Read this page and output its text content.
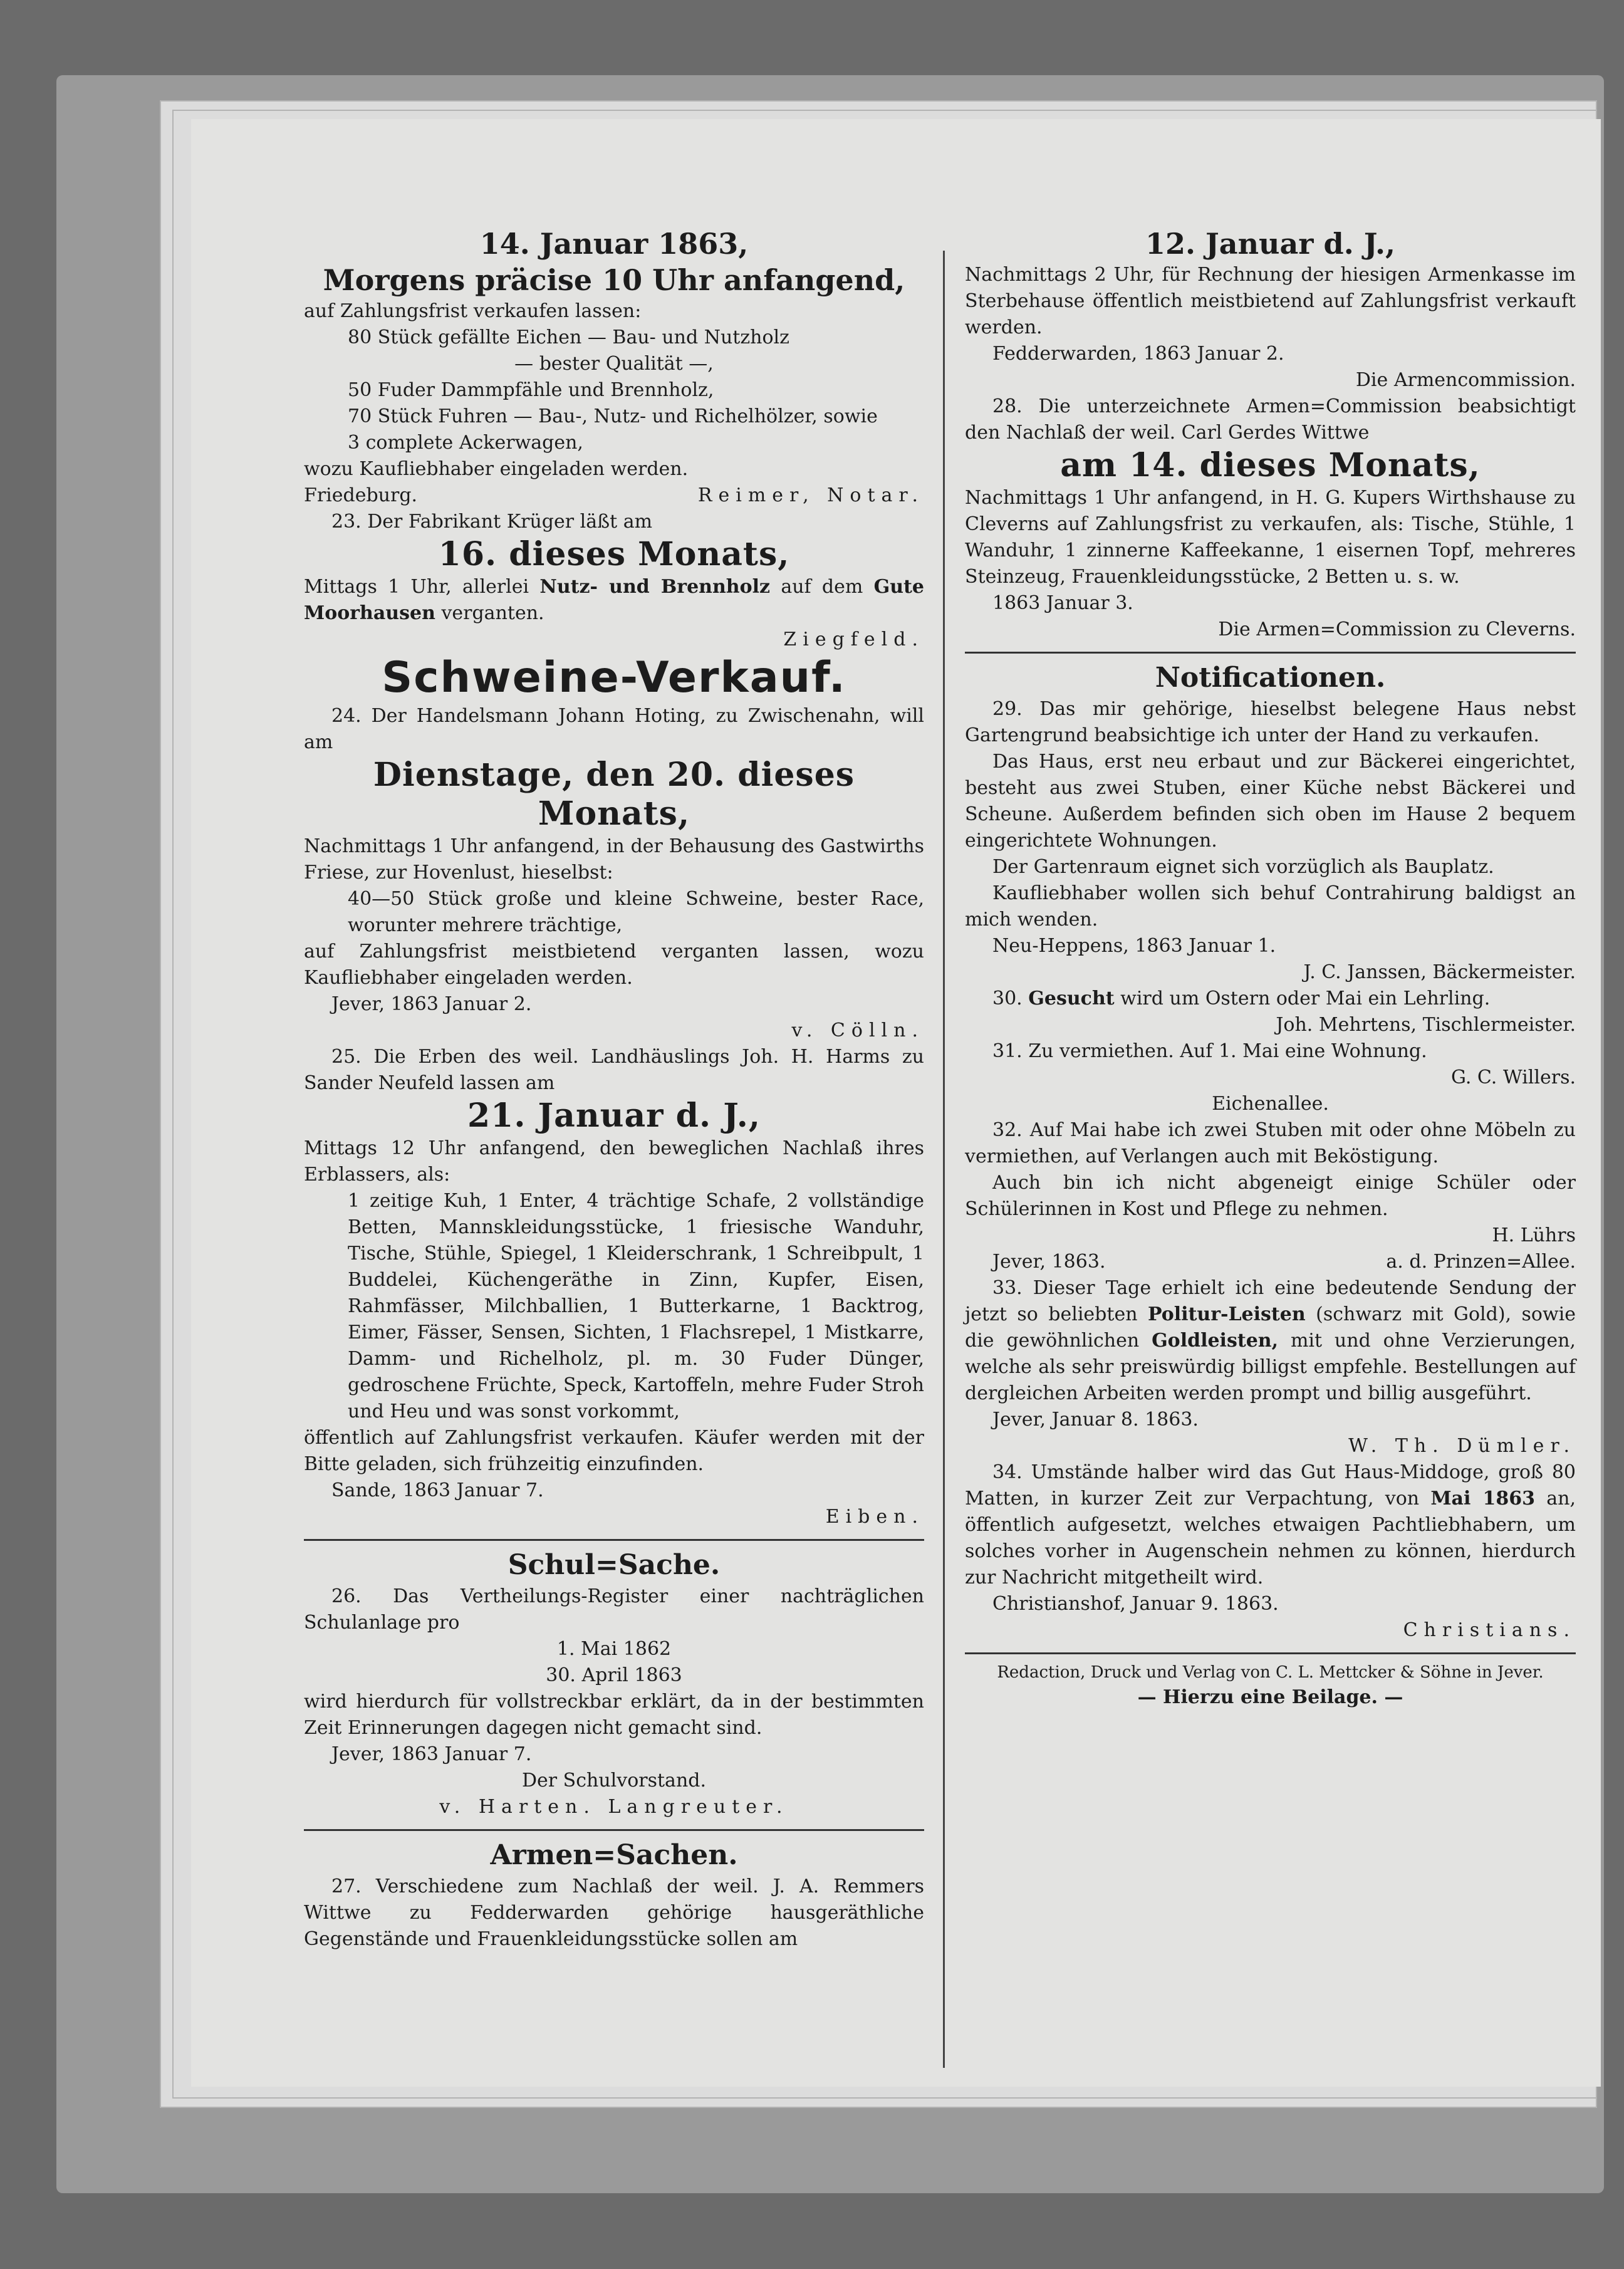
14. Januar 1863,

Morgens präcise 10 Uhr anfangend,

auf Zahlungsfrist verkaufen lassen:

80 Stück gefällte Eichen — Bau- und Nutzholz

— bester Qualität —,

50 Fuder Dammpfähle und Brennholz,

70 Stück Fuhren — Bau-, Nutz- und Richelhölzer, sowie

3 complete Ackerwagen,

wozu Kaufliebhaber eingeladen werden.

Friedeburg.	Reimer, Notar.

23. Der Fabrikant Krüger läßt am

16. dieses Monats,

Mittags 1 Uhr, allerlei Nutz- und Brennholz auf dem Gute Moorhausen verganten.

Ziegfeld.

Schweine-Verkauf.

24. Der Handelsmann Johann Hoting, zu Zwischenahn, will am

Dienstage, den 20. dieses Monats,

Nachmittags 1 Uhr anfangend, in der Behausung des Gastwirths Friese, zur Hovenlust, hieselbst:

40—50 Stück große und kleine Schweine, bester Race, worunter mehrere trächtige,

auf Zahlungsfrist meistbietend verganten lassen, wozu Kaufliebhaber eingeladen werden.

Jever, 1863 Januar 2.

v. Cölln.

25. Die Erben des weil. Landhäuslings Joh. H. Harms zu Sander Neufeld lassen am

21. Januar d. J.,

Mittags 12 Uhr anfangend, den beweglichen Nachlaß ihres Erblassers, als:

1 zeitige Kuh, 1 Enter, 4 trächtige Schafe, 2 vollständige Betten, Mannskleidungsstücke, 1 friesische Wanduhr, Tische, Stühle, Spiegel, 1 Kleiderschrank, 1 Schreibpult, 1 Buddelei, Küchengeräthe in Zinn, Kupfer, Eisen, Rahmfässer, Milchballien, 1 Butterkarne, 1 Backtrog, Eimer, Fässer, Sensen, Sichten, 1 Flachsrepel, 1 Mistkarre, Damm- und Richelholz, pl. m. 30 Fuder Dünger, gedroschene Früchte, Speck, Kartoffeln, mehre Fuder Stroh und Heu und was sonst vorkommt,

öffentlich auf Zahlungsfrist verkaufen. Käufer werden mit der Bitte geladen, sich frühzeitig einzufinden.

Sande, 1863 Januar 7.

Eiben.

Schul=Sache.

26. Das Vertheilungs-Register einer nachträglichen Schulanlage pro

1. Mai 1862

30. April 1863

wird hierdurch für vollstreckbar erklärt, da in der bestimmten Zeit Erinnerungen dagegen nicht gemacht sind.

Jever, 1863 Januar 7.

Der Schulvorstand.

v. Harten. Langreuter.

Armen=Sachen.

27. Verschiedene zum Nachlaß der weil. J. A. Remmers Wittwe zu Fedderwarden gehörige hausgeräthliche Gegenstände und Frauenkleidungsstücke sollen am

12. Januar d. J.,

Nachmittags 2 Uhr, für Rechnung der hiesigen Armenkasse im Sterbehause öffentlich meistbietend auf Zahlungsfrist verkauft werden.

Fedderwarden, 1863 Januar 2.

Die Armencommission.

28. Die unterzeichnete Armen=Commission beabsichtigt den Nachlaß der weil. Carl Gerdes Wittwe

am 14. dieses Monats,

Nachmittags 1 Uhr anfangend, in H. G. Kupers Wirthshause zu Cleverns auf Zahlungsfrist zu verkaufen, als: Tische, Stühle, 1 Wanduhr, 1 zinnerne Kaffeekanne, 1 eisernen Topf, mehreres Steinzeug, Frauenkleidungsstücke, 2 Betten u. s. w.

1863 Januar 3.

Die Armen=Commission zu Cleverns.

Notificationen.

29. Das mir gehörige, hieselbst belegene Haus nebst Gartengrund beabsichtige ich unter der Hand zu verkaufen.

Das Haus, erst neu erbaut und zur Bäckerei eingerichtet, besteht aus zwei Stuben, einer Küche nebst Bäckerei und Scheune. Außerdem befinden sich oben im Hause 2 bequem eingerichtete Wohnungen.

Der Gartenraum eignet sich vorzüglich als Bauplatz.

Kaufliebhaber wollen sich behuf Contrahirung baldigst an mich wenden.

Neu-Heppens, 1863 Januar 1.

J. C. Janssen, Bäckermeister.

30. Gesucht wird um Ostern oder Mai ein Lehrling.

Joh. Mehrtens, Tischlermeister.

31. Zu vermiethen. Auf 1. Mai eine Wohnung.

G. C. Willers.

Eichenallee.

32. Auf Mai habe ich zwei Stuben mit oder ohne Möbeln zu vermiethen, auf Verlangen auch mit Beköstigung.

Auch bin ich nicht abgeneigt einige Schüler oder Schülerinnen in Kost und Pflege zu nehmen.

H. Lührs

Jever, 1863.	a. d. Prinzen=Allee.

33. Dieser Tage erhielt ich eine bedeutende Sendung der jetzt so beliebten Politur-Leisten (schwarz mit Gold), sowie die gewöhnlichen Goldleisten, mit und ohne Verzierungen, welche als sehr preiswürdig billigst empfehle. Bestellungen auf dergleichen Arbeiten werden prompt und billig ausgeführt.

Jever, Januar 8. 1863.

W. Th. Dümler.

34. Umstände halber wird das Gut Haus-Middoge, groß 80 Matten, in kurzer Zeit zur Verpachtung, von Mai 1863 an, öffentlich aufgesetzt, welches etwaigen Pachtliebhabern, um solches vorher in Augenschein nehmen zu können, hierdurch zur Nachricht mitgetheilt wird.

Christianshof, Januar 9. 1863.

Christians.

Redaction, Druck und Verlag von C. L. Mettcker & Söhne in Jever.

— Hierzu eine Beilage. —
